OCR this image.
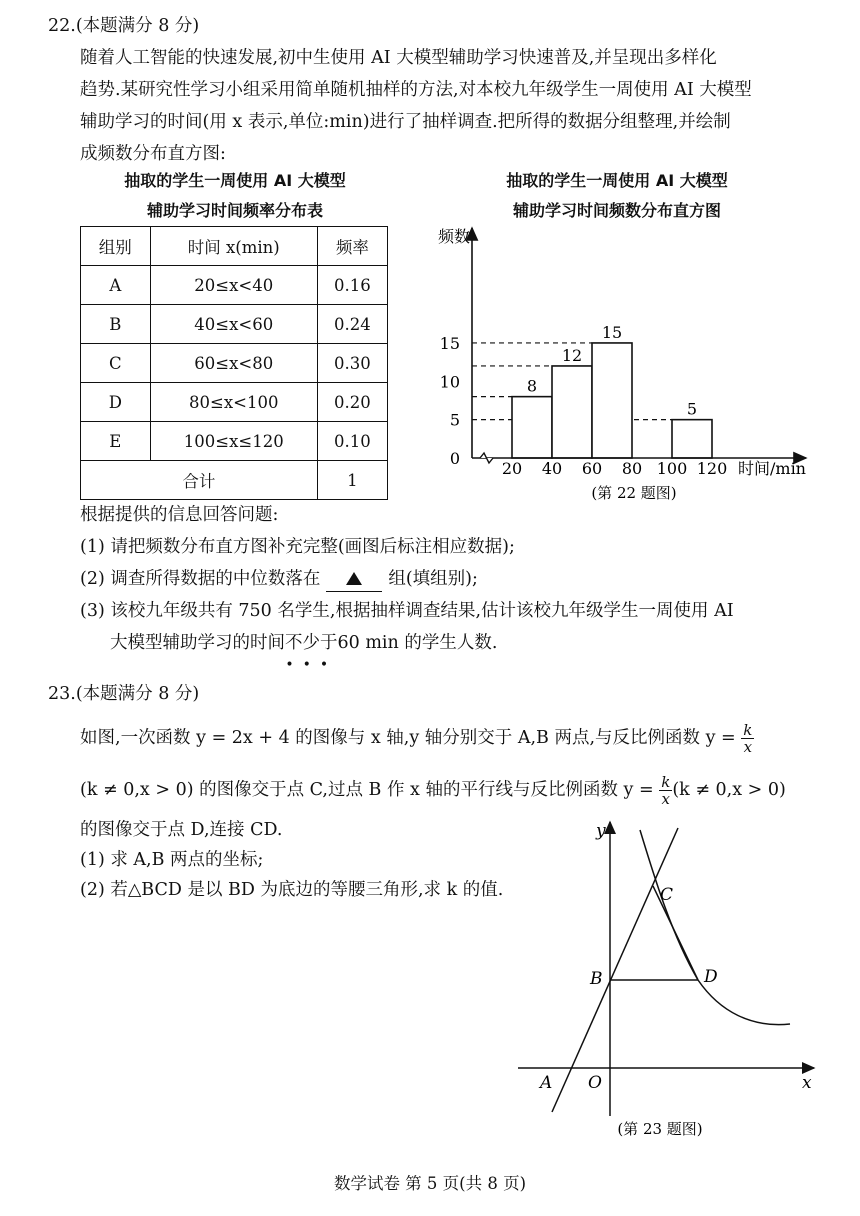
22.(本题满分 8 分)
随着人工智能的快速发展,初中生使用 AI 大模型辅助学习快速普及,并呈现出多样化
趋势.某研究性学习小组采用简单随机抽样的方法,对本校九年级学生一周使用 AI 大模型
辅助学习的时间(用 x 表示,单位:min)进行了抽样调查.把所得的数据分组整理,并绘制
成频数分布直方图:
抽取的学生一周使用 AI 大模型
辅助学习时间频率分布表
组别	时间 x(min)	频率
A	20≤x<40	0.16
B	40≤x<60	0.24
C	60≤x<80	0.30
D	80≤x<100	0.20
E	100≤x≤120	0.10
合计		1
抽取的学生一周使用 AI 大模型
辅助学习时间频数分布直方图
频数
时间/min
0
5
10
15
20 40 60 80 100 120
8
12
15
5
(第 22 题图)
根据提供的信息回答问题:
(1) 请把频数分布直方图补充完整(画图后标注相应数据);
(2) 调查所得数据的中位数落在	组(填组别);
(3) 该校九年级共有 750 名学生,根据抽样调查结果,估计该校九年级学生一周使用 AI
大模型辅助学习的时间不少于
•••
60 min 的学生人数.
23.(本题满分 8 分)
如图,一次函数 y = 2x + 4 的图像与 x 轴,y 轴分别交于 A,B 两点,与反比例函数 $y = \frac{k}{x}$
(k ≠ 0,x > 0) 的图像交于点 C,过点 B 作 x 轴的平行线与反比例函数 $y = \frac{k}{x} (k \ne 0,x > 0)$
的图像交于点 D,连接 CD.
(1) 求 A,B 两点的坐标;
(2) 若△BCD 是以 BD 为底边的等腰三角形,求 k 的值.
y
x
A O
B
C
D
(第 23 题图)
数学试卷 第 5 页(共 8 页)
